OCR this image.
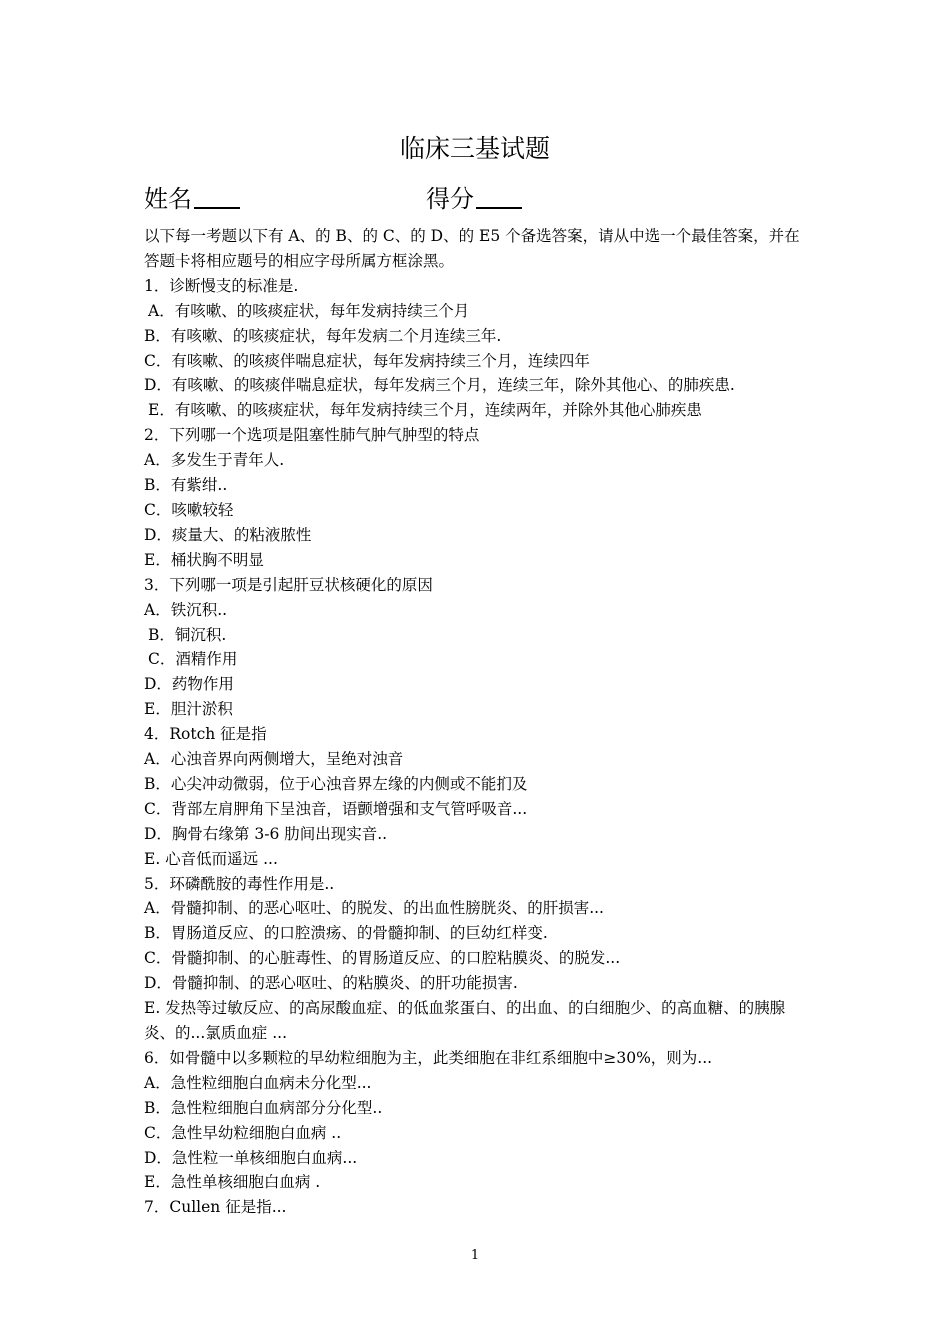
临床三基试题
姓名	得分
以下每一考题以下有 A、的 B、的 C、的 D、的 E5 个备选答案，请从中选一个最佳答案，并在答题卡将相应题号的相应字母所属方框涂黑。
1．诊断慢支的标准是.
A．有咳嗽、的咳痰症状，每年发病持续三个月
B．有咳嗽、的咳痰症状，每年发病二个月连续三年.
C．有咳嗽、的咳痰伴喘息症状，每年发病持续三个月，连续四年
D．有咳嗽、的咳痰伴喘息症状，每年发病三个月，连续三年，除外其他心、的肺疾患.
E．有咳嗽、的咳痰症状，每年发病持续三个月，连续两年，并除外其他心肺疾患
2．下列哪一个选项是阻塞性肺气肿气肿型的特点
A．多发生于青年人.
B．有紫绀..
C．咳嗽较轻
D．痰量大、的粘液脓性
E．桶状胸不明显
3．下列哪一项是引起肝豆状核硬化的原因
A．铁沉积..
B．铜沉积.
C．酒精作用
D．药物作用
E．胆汁淤积
4．Rotch 征是指
A．心浊音界向两侧增大，呈绝对浊音
B．心尖冲动微弱，位于心浊音界左缘的内侧或不能扪及
C．背部左肩胛角下呈浊音，语颤增强和支气管呼吸音...
D．胸骨右缘第 3-6 肋间出现实音..
E. 心音低而遥远 ...
5．环磷酰胺的毒性作用是..
A．骨髓抑制、的恶心呕吐、的脱发、的出血性膀胱炎、的肝损害...
B．胃肠道反应、的口腔溃疡、的骨髓抑制、的巨幼红样变.
C．骨髓抑制、的心脏毒性、的胃肠道反应、的口腔粘膜炎、的脱发...
D．骨髓抑制、的恶心呕吐、的粘膜炎、的肝功能损害.
E. 发热等过敏反应、的高尿酸血症、的低血浆蛋白、的出血、的白细胞少、的高血糖、的胰腺炎、的...氯质血症 ...
6．如骨髓中以多颗粒的早幼粒细胞为主，此类细胞在非红系细胞中≥30%，则为...
A．急性粒细胞白血病未分化型...
B．急性粒细胞白血病部分分化型..
C．急性早幼粒细胞白血病 ..
D．急性粒一单核细胞白血病...
E．急性单核细胞白血病 .
7．Cullen 征是指...
1
